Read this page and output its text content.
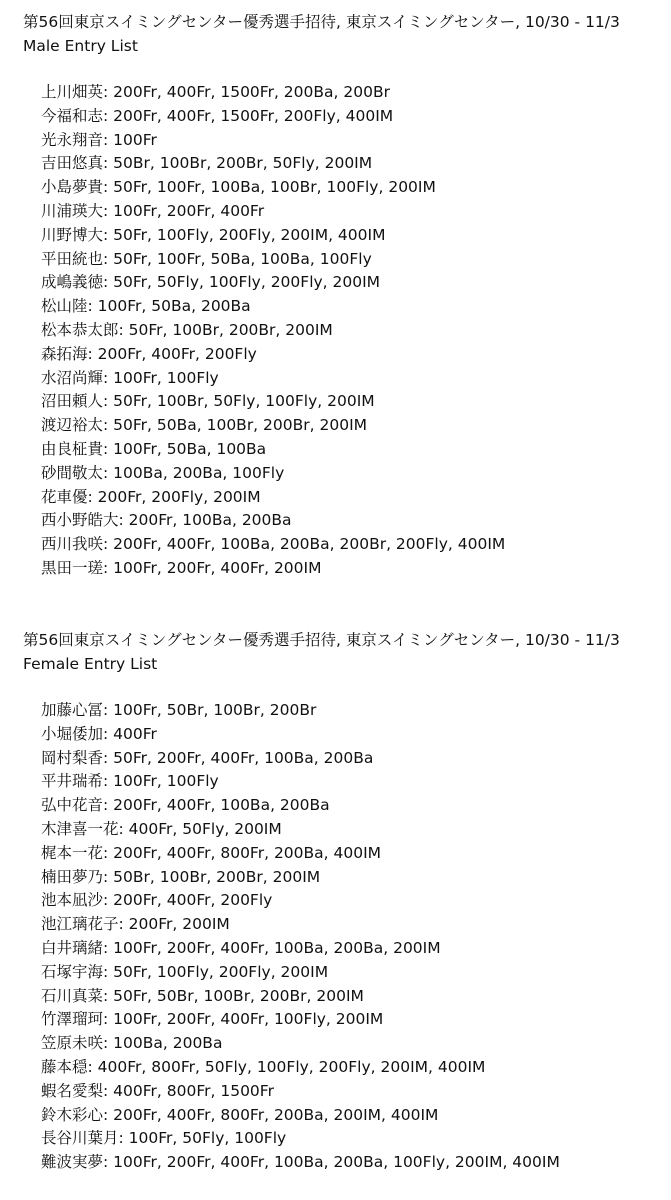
第56回東京スイミングセンター優秀選手招待, 東京スイミングセンター, 10/30 - 11/3
Male Entry List
上川畑英: 200Fr, 400Fr, 1500Fr, 200Ba, 200Br
今福和志: 200Fr, 400Fr, 1500Fr, 200Fly, 400IM
光永翔音: 100Fr
吉田悠真: 50Br, 100Br, 200Br, 50Fly, 200IM
小島夢貴: 50Fr, 100Fr, 100Ba, 100Br, 100Fly, 200IM
川浦瑛大: 100Fr, 200Fr, 400Fr
川野博大: 50Fr, 100Fly, 200Fly, 200IM, 400IM
平田統也: 50Fr, 100Fr, 50Ba, 100Ba, 100Fly
成嶋義徳: 50Fr, 50Fly, 100Fly, 200Fly, 200IM
松山陸: 100Fr, 50Ba, 200Ba
松本恭太郎: 50Fr, 100Br, 200Br, 200IM
森拓海: 200Fr, 400Fr, 200Fly
水沼尚輝: 100Fr, 100Fly
沼田頼人: 50Fr, 100Br, 50Fly, 100Fly, 200IM
渡辺裕太: 50Fr, 50Ba, 100Br, 200Br, 200IM
由良柾貴: 100Fr, 50Ba, 100Ba
砂間敬太: 100Ba, 200Ba, 100Fly
花車優: 200Fr, 200Fly, 200IM
西小野皓大: 200Fr, 100Ba, 200Ba
西川我咲: 200Fr, 400Fr, 100Ba, 200Ba, 200Br, 200Fly, 400IM
黒田一瑳: 100Fr, 200Fr, 400Fr, 200IM
第56回東京スイミングセンター優秀選手招待, 東京スイミングセンター, 10/30 - 11/3
Female Entry List
加藤心冨: 100Fr, 50Br, 100Br, 200Br
小堀倭加: 400Fr
岡村梨香: 50Fr, 200Fr, 400Fr, 100Ba, 200Ba
平井瑞希: 100Fr, 100Fly
弘中花音: 200Fr, 400Fr, 100Ba, 200Ba
木津喜一花: 400Fr, 50Fly, 200IM
梶本一花: 200Fr, 400Fr, 800Fr, 200Ba, 400IM
楠田夢乃: 50Br, 100Br, 200Br, 200IM
池本凪沙: 200Fr, 400Fr, 200Fly
池江璃花子: 200Fr, 200IM
白井璃緒: 100Fr, 200Fr, 400Fr, 100Ba, 200Ba, 200IM
石塚宇海: 50Fr, 100Fly, 200Fly, 200IM
石川真菜: 50Fr, 50Br, 100Br, 200Br, 200IM
竹澤瑠珂: 100Fr, 200Fr, 400Fr, 100Fly, 200IM
笠原未咲: 100Ba, 200Ba
藤本穏: 400Fr, 800Fr, 50Fly, 100Fly, 200Fly, 200IM, 400IM
蝦名愛梨: 400Fr, 800Fr, 1500Fr
鈴木彩心: 200Fr, 400Fr, 800Fr, 200Ba, 200IM, 400IM
長谷川葉月: 100Fr, 50Fly, 100Fly
難波実夢: 100Fr, 200Fr, 400Fr, 100Ba, 200Ba, 100Fly, 200IM, 400IM
